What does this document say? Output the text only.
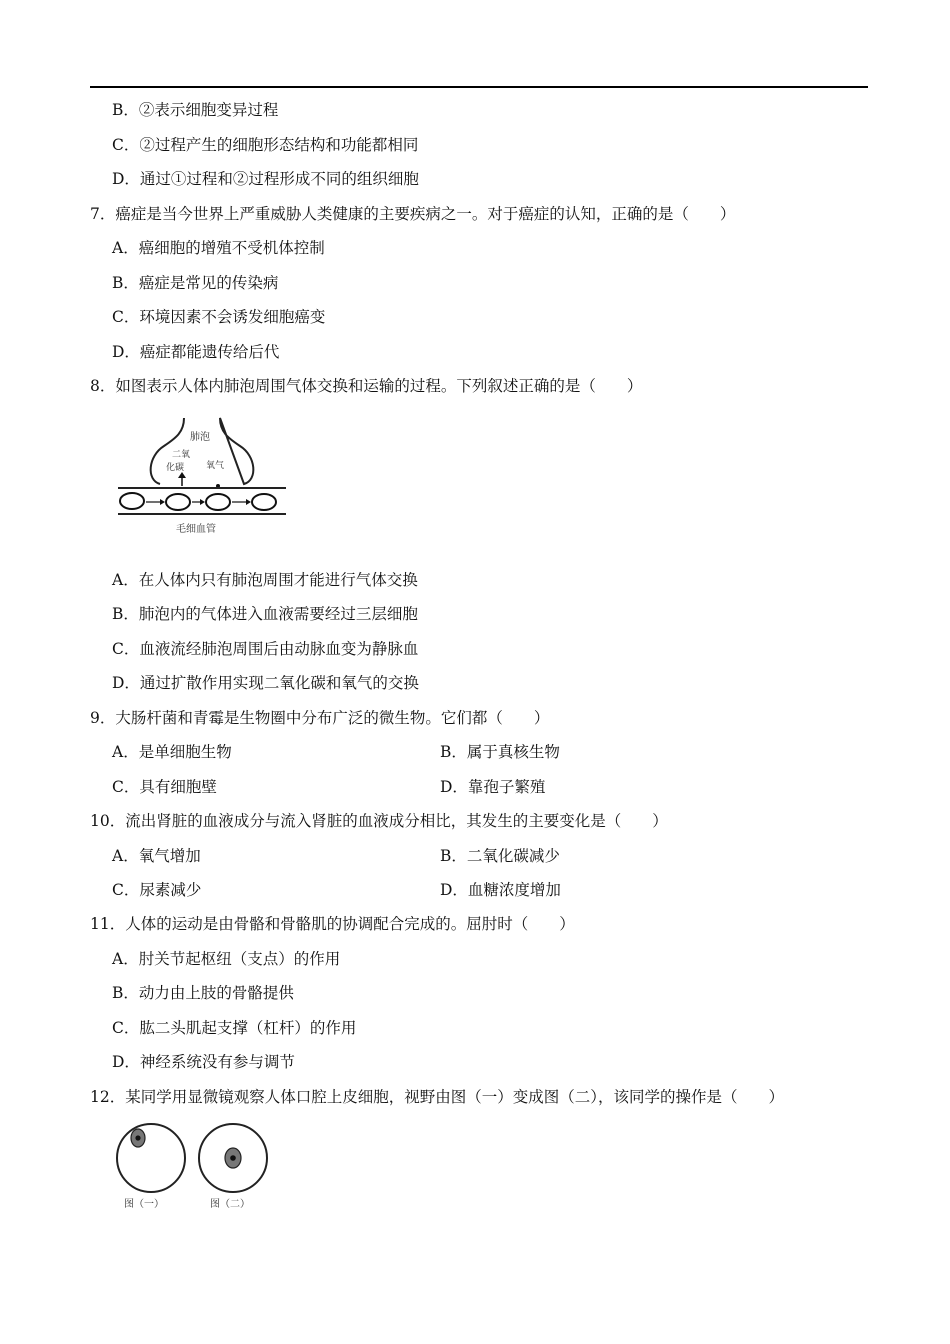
B．②表示细胞变异过程
C．②过程产生的细胞形态结构和功能都相同
D．通过①过程和②过程形成不同的组织细胞
7．癌症是当今世界上严重威胁人类健康的主要疾病之一。对于癌症的认知，正确的是（　　）
A．癌细胞的增殖不受机体控制
B．癌症是常见的传染病
C．环境因素不会诱发细胞癌变
D．癌症都能遗传给后代
8．如图表示人体内肺泡周围气体交换和运输的过程。下列叙述正确的是（　　）
肺泡
二氧
化碳 氧气
毛细血管
A．在人体内只有肺泡周围才能进行气体交换
B．肺泡内的气体进入血液需要经过三层细胞
C．血液流经肺泡周围后由动脉血变为静脉血
D．通过扩散作用实现二氧化碳和氧气的交换
9．大肠杆菌和青霉是生物圈中分布广泛的微生物。它们都（　　）
A．是单细胞生物	B．属于真核生物
C．具有细胞壁	D．靠孢子繁殖
10．流出肾脏的血液成分与流入肾脏的血液成分相比，其发生的主要变化是（　　）
A．氧气增加	B．二氧化碳减少
C．尿素减少	D．血糖浓度增加
11．人体的运动是由骨骼和骨骼肌的协调配合完成的。屈肘时（　　）
A．肘关节起枢纽（支点）的作用
B．动力由上肢的骨骼提供
C．肱二头肌起支撑（杠杆）的作用
D．神经系统没有参与调节
12．某同学用显微镜观察人体口腔上皮细胞，视野由图（一）变成图（二），该同学的操作是（　　）
图（一）	图（二）
